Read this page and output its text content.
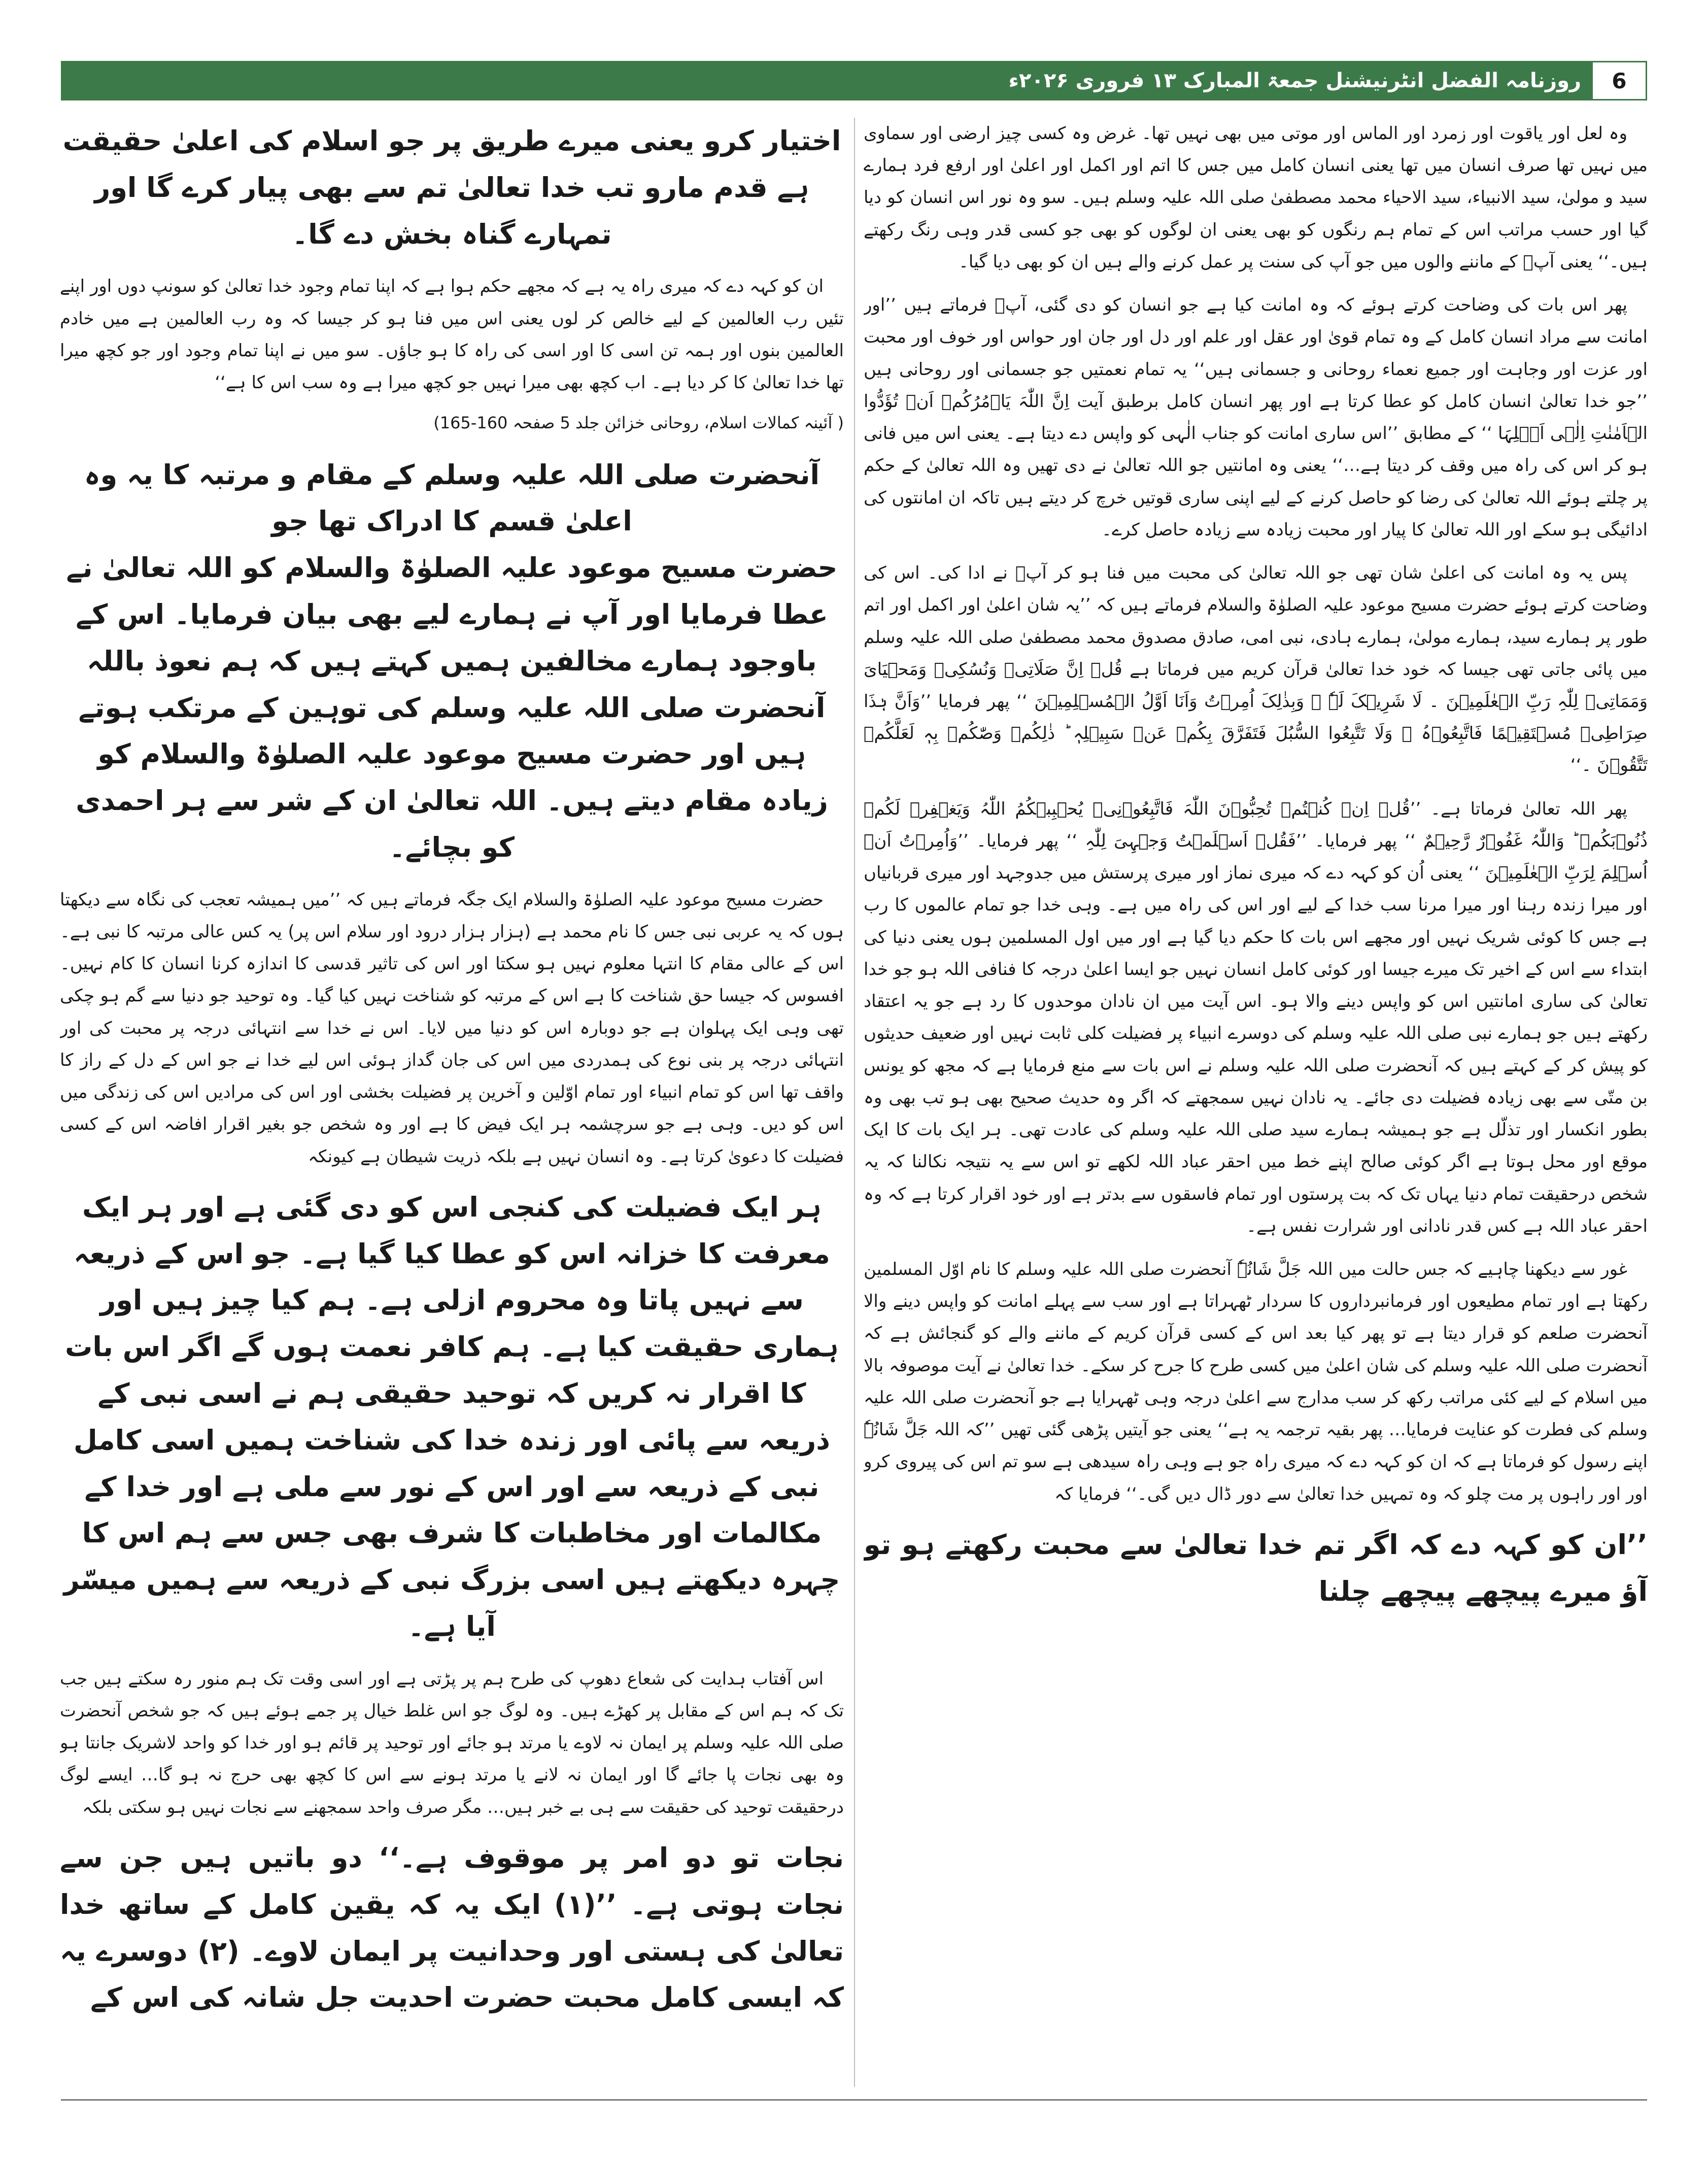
6
روزنامہ الفضل انٹرنیشنل جمعۃ المبارک ۱۳ فروری ۲۰۲۶ء

وہ لعل اور یاقوت اور زمرد اور الماس اور موتی میں بھی نہیں تھا۔ غرض وہ کسی چیز ارضی اور سماوی میں نہیں تھا صرف انسان میں تھا یعنی انسان کامل میں جس کا اتم اور اکمل اور اعلیٰ اور ارفع فرد ہمارے سید و مولیٰ، سید الانبیاء، سید الاحیاء محمد مصطفیٰ صلی اللہ علیہ وسلم ہیں۔ سو وہ نور اس انسان کو دیا گیا اور حسب مراتب اس کے تمام ہم رنگوں کو بھی یعنی ان لوگوں کو بھی جو کسی قدر وہی رنگ رکھتے ہیں۔‘‘ یعنی آپؐ کے ماننے والوں میں جو آپ کی سنت پر عمل کرنے والے ہیں ان کو بھی دیا گیا۔

پھر اس بات کی وضاحت کرتے ہوئے کہ وہ امانت کیا ہے جو انسان کو دی گئی، آپؑ فرماتے ہیں ’’اور امانت سے مراد انسان کامل کے وہ تمام قویٰ اور عقل اور علم اور دل اور جان اور حواس اور خوف اور محبت اور عزت اور وجاہت اور جمیع نعماء روحانی و جسمانی ہیں‘‘ یہ تمام نعمتیں جو جسمانی اور روحانی ہیں ’’جو خدا تعالیٰ انسان کامل کو عطا کرتا ہے اور پھر انسان کامل برطبق آیت اِنَّ اللّٰہَ یَاۡمُرُکُمۡ اَنۡ تُؤَدُّوا الۡاَمٰنٰتِ اِلٰۤی اَہۡلِہَا ‘‘ کے مطابق ’’اس ساری امانت کو جناب الٰہی کو واپس دے دیتا ہے۔ یعنی اس میں فانی ہو کر اس کی راہ میں وقف کر دیتا ہے…‘‘ یعنی وہ امانتیں جو اللہ تعالیٰ نے دی تھیں وہ اللہ تعالیٰ کے حکم پر چلتے ہوئے اللہ تعالیٰ کی رضا کو حاصل کرنے کے لیے اپنی ساری قوتیں خرچ کر دیتے ہیں تاکہ ان امانتوں کی ادائیگی ہو سکے اور اللہ تعالیٰ کا پیار اور محبت زیادہ سے زیادہ حاصل کرے۔

پس یہ وہ امانت کی اعلیٰ شان تھی جو اللہ تعالیٰ کی محبت میں فنا ہو کر آپؐ نے ادا کی۔ اس کی وضاحت کرتے ہوئے حضرت مسیح موعود علیہ الصلوٰۃ والسلام فرماتے ہیں کہ ’’یہ شان اعلیٰ اور اکمل اور اتم طور پر ہمارے سید، ہمارے مولیٰ، ہمارے ہادی، نبی امی، صادق مصدوق محمد مصطفیٰ صلی اللہ علیہ وسلم میں پائی جاتی تھی جیسا کہ خود خدا تعالیٰ قرآن کریم میں فرماتا ہے قُلۡ اِنَّ صَلَاتِیۡ وَنُسُکِیۡ وَمَحۡیَایَ وَمَمَاتِیۡ لِلّٰہِ رَبِّ الۡعٰلَمِیۡنَ ۔ لَا شَرِیۡکَ لَہٗ ۚ وَبِذٰلِکَ اُمِرۡتُ وَاَنَا اَوَّلُ الۡمُسۡلِمِیۡنَ ‘‘ پھر فرمایا ’’وَاَنَّ ہٰذَا صِرَاطِیۡ مُسۡتَقِیۡمًا فَاتَّبِعُوۡہُ ۚ وَلَا تَتَّبِعُوا السُّبُلَ فَتَفَرَّقَ بِکُمۡ عَنۡ سَبِیۡلِہٖ ؕ ذٰلِکُمۡ وَصّٰکُمۡ بِہٖ لَعَلَّکُمۡ تَتَّقُوۡنَ ۔‘‘

پھر اللہ تعالیٰ فرماتا ہے۔ ’’قُلۡ اِنۡ کُنۡتُمۡ تُحِبُّوۡنَ اللّٰہَ فَاتَّبِعُوۡنِیۡ یُحۡبِبۡکُمُ اللّٰہُ وَیَغۡفِرۡ لَکُمۡ ذُنُوۡبَکُمۡ ؕ وَاللّٰہُ غَفُوۡرٌ رَّحِیۡمٌ ‘‘ پھر فرمایا۔ ’’فَقُلۡ اَسۡلَمۡتُ وَجۡہِیَ لِلّٰہِ ‘‘ پھر فرمایا۔ ’’وَاُمِرۡتُ اَنۡ اُسۡلِمَ لِرَبِّ الۡعٰلَمِیۡنَ ‘‘ یعنی اُن کو کہہ دے کہ میری نماز اور میری پرستش میں جدوجہد اور میری قربانیاں اور میرا زندہ رہنا اور میرا مرنا سب خدا کے لیے اور اس کی راہ میں ہے۔ وہی خدا جو تمام عالموں کا رب ہے جس کا کوئی شریک نہیں اور مجھے اس بات کا حکم دیا گیا ہے اور میں اول المسلمین ہوں یعنی دنیا کی ابتداء سے اس کے اخیر تک میرے جیسا اور کوئی کامل انسان نہیں جو ایسا اعلیٰ درجہ کا فنافی اللہ ہو جو خدا تعالیٰ کی ساری امانتیں اس کو واپس دینے والا ہو۔ اس آیت میں ان نادان موحدوں کا رد ہے جو یہ اعتقاد رکھتے ہیں جو ہمارے نبی صلی اللہ علیہ وسلم کی دوسرے انبیاء پر فضیلت کلی ثابت نہیں اور ضعیف حدیثوں کو پیش کر کے کہتے ہیں کہ آنحضرت صلی اللہ علیہ وسلم نے اس بات سے منع فرمایا ہے کہ مجھ کو یونس بن متّی سے بھی زیادہ فضیلت دی جائے۔ یہ نادان نہیں سمجھتے کہ اگر وہ حدیث صحیح بھی ہو تب بھی وہ بطور انکسار اور تذلّل ہے جو ہمیشہ ہمارے سید صلی اللہ علیہ وسلم کی عادت تھی۔ ہر ایک بات کا ایک موقع اور محل ہوتا ہے اگر کوئی صالح اپنے خط میں احقر عباد اللہ لکھے تو اس سے یہ نتیجہ نکالنا کہ یہ شخص درحقیقت تمام دنیا یہاں تک کہ بت پرستوں اور تمام فاسقوں سے بدتر ہے اور خود اقرار کرتا ہے کہ وہ احقر عباد اللہ ہے کس قدر نادانی اور شرارت نفس ہے۔

غور سے دیکھنا چاہیے کہ جس حالت میں اللہ جَلَّ شَانُہٗ آنحضرت صلی اللہ علیہ وسلم کا نام اوّل المسلمین رکھتا ہے اور تمام مطیعوں اور فرمانبرداروں کا سردار ٹھہراتا ہے اور سب سے پہلے امانت کو واپس دینے والا آنحضرت صلعم کو قرار دیتا ہے تو پھر کیا بعد اس کے کسی قرآن کریم کے ماننے والے کو گنجائش ہے کہ آنحضرت صلی اللہ علیہ وسلم کی شان اعلیٰ میں کسی طرح کا جرح کر سکے۔ خدا تعالیٰ نے آیت موصوفہ بالا میں اسلام کے لیے کئی مراتب رکھ کر سب مدارج سے اعلیٰ درجہ وہی ٹھہرایا ہے جو آنحضرت صلی اللہ علیہ وسلم کی فطرت کو عنایت فرمایا… پھر بقیہ ترجمہ یہ ہے‘‘ یعنی جو آیتیں پڑھی گئی تھیں ’’کہ اللہ جَلَّ شَانُہٗ اپنے رسول کو فرماتا ہے کہ ان کو کہہ دے کہ میری راہ جو ہے وہی راہ سیدھی ہے سو تم اس کی پیروی کرو اور اور راہوں پر مت چلو کہ وہ تمہیں خدا تعالیٰ سے دور ڈال دیں گی۔‘‘ فرمایا کہ

’’ان کو کہہ دے کہ اگر تم خدا تعالیٰ سے محبت رکھتے ہو تو آؤ میرے پیچھے پیچھے چلنا

اختیار کرو یعنی میرے طریق پر جو اسلام کی اعلیٰ حقیقت ہے قدم مارو تب خدا تعالیٰ تم سے بھی پیار کرے گا اور تمہارے گناہ بخش دے گا۔

ان کو کہہ دے کہ میری راہ یہ ہے کہ مجھے حکم ہوا ہے کہ اپنا تمام وجود خدا تعالیٰ کو سونپ دوں اور اپنے تئیں رب العالمین کے لیے خالص کر لوں یعنی اس میں فنا ہو کر جیسا کہ وہ رب العالمین ہے میں خادم العالمین بنوں اور ہمہ تن اسی کا اور اسی کی راہ کا ہو جاؤں۔ سو میں نے اپنا تمام وجود اور جو کچھ میرا تھا خدا تعالیٰ کا کر دیا ہے۔ اب کچھ بھی میرا نہیں جو کچھ میرا ہے وہ سب اس کا ہے‘‘

( آئینہ کمالات اسلام، روحانی خزائن جلد 5 صفحہ 160-165)

آنحضرت صلی اللہ علیہ وسلم کے مقام و مرتبہ کا یہ وہ اعلیٰ قسم کا ادراک تھا جو
حضرت مسیح موعود علیہ الصلوٰۃ والسلام کو اللہ تعالیٰ نے عطا فرمایا اور آپ نے ہمارے لیے بھی بیان فرمایا۔ اس کے باوجود ہمارے مخالفین ہمیں کہتے ہیں کہ ہم نعوذ باللہ آنحضرت صلی اللہ علیہ وسلم کی توہین کے مرتکب ہوتے ہیں اور حضرت مسیح موعود علیہ الصلوٰۃ والسلام کو زیادہ مقام دیتے ہیں۔ اللہ تعالیٰ ان کے شر سے ہر احمدی کو بچائے۔

حضرت مسیح موعود علیہ الصلوٰۃ والسلام ایک جگہ فرماتے ہیں کہ ’’میں ہمیشہ تعجب کی نگاہ سے دیکھتا ہوں کہ یہ عربی نبی جس کا نام محمد ہے (ہزار ہزار درود اور سلام اس پر) یہ کس عالی مرتبہ کا نبی ہے۔ اس کے عالی مقام کا انتہا معلوم نہیں ہو سکتا اور اس کی تاثیر قدسی کا اندازہ کرنا انسان کا کام نہیں۔ افسوس کہ جیسا حق شناخت کا ہے اس کے مرتبہ کو شناخت نہیں کیا گیا۔ وہ توحید جو دنیا سے گم ہو چکی تھی وہی ایک پہلوان ہے جو دوبارہ اس کو دنیا میں لایا۔ اس نے خدا سے انتہائی درجہ پر محبت کی اور انتہائی درجہ پر بنی نوع کی ہمدردی میں اس کی جان گداز ہوئی اس لیے خدا نے جو اس کے دل کے راز کا واقف تھا اس کو تمام انبیاء اور تمام اوّلین و آخرین پر فضیلت بخشی اور اس کی مرادیں اس کی زندگی میں اس کو دیں۔ وہی ہے جو سرچشمہ ہر ایک فیض کا ہے اور وہ شخص جو بغیر اقرار افاضہ اس کے کسی فضیلت کا دعویٰ کرتا ہے۔ وہ انسان نہیں ہے بلکہ ذریت شیطان ہے کیونکہ

ہر ایک فضیلت کی کنجی اس کو دی گئی ہے اور ہر ایک معرفت کا خزانہ اس کو عطا کیا گیا ہے۔ جو اس کے ذریعہ سے نہیں پاتا وہ محروم ازلی ہے۔ ہم کیا چیز ہیں اور ہماری حقیقت کیا ہے۔ ہم کافر نعمت ہوں گے اگر اس بات کا اقرار نہ کریں کہ توحید حقیقی ہم نے اسی نبی کے ذریعہ سے پائی اور زندہ خدا کی شناخت ہمیں اسی کامل نبی کے ذریعہ سے اور اس کے نور سے ملی ہے اور خدا کے مکالمات اور مخاطبات کا شرف بھی جس سے ہم اس کا چہرہ دیکھتے ہیں اسی بزرگ نبی کے ذریعہ سے ہمیں میسّر آیا ہے۔

اس آفتاب ہدایت کی شعاع دھوپ کی طرح ہم پر پڑتی ہے اور اسی وقت تک ہم منور رہ سکتے ہیں جب تک کہ ہم اس کے مقابل پر کھڑے ہیں۔ وہ لوگ جو اس غلط خیال پر جمے ہوئے ہیں کہ جو شخص آنحضرت صلی اللہ علیہ وسلم پر ایمان نہ لاوے یا مرتد ہو جائے اور توحید پر قائم ہو اور خدا کو واحد لاشریک جانتا ہو وہ بھی نجات پا جائے گا اور ایمان نہ لانے یا مرتد ہونے سے اس کا کچھ بھی حرج نہ ہو گا… ایسے لوگ درحقیقت توحید کی حقیقت سے ہی بے خبر ہیں… مگر صرف واحد سمجھنے سے نجات نہیں ہو سکتی بلکہ

نجات تو دو امر پر موقوف ہے۔‘‘ دو باتیں ہیں جن سے نجات ہوتی ہے۔ ’’(۱) ایک یہ کہ یقین کامل کے ساتھ خدا تعالیٰ کی ہستی اور وحدانیت پر ایمان لاوے۔ (۲) دوسرے یہ کہ ایسی کامل محبت حضرت احدیت جل شانہ کی اس کے
